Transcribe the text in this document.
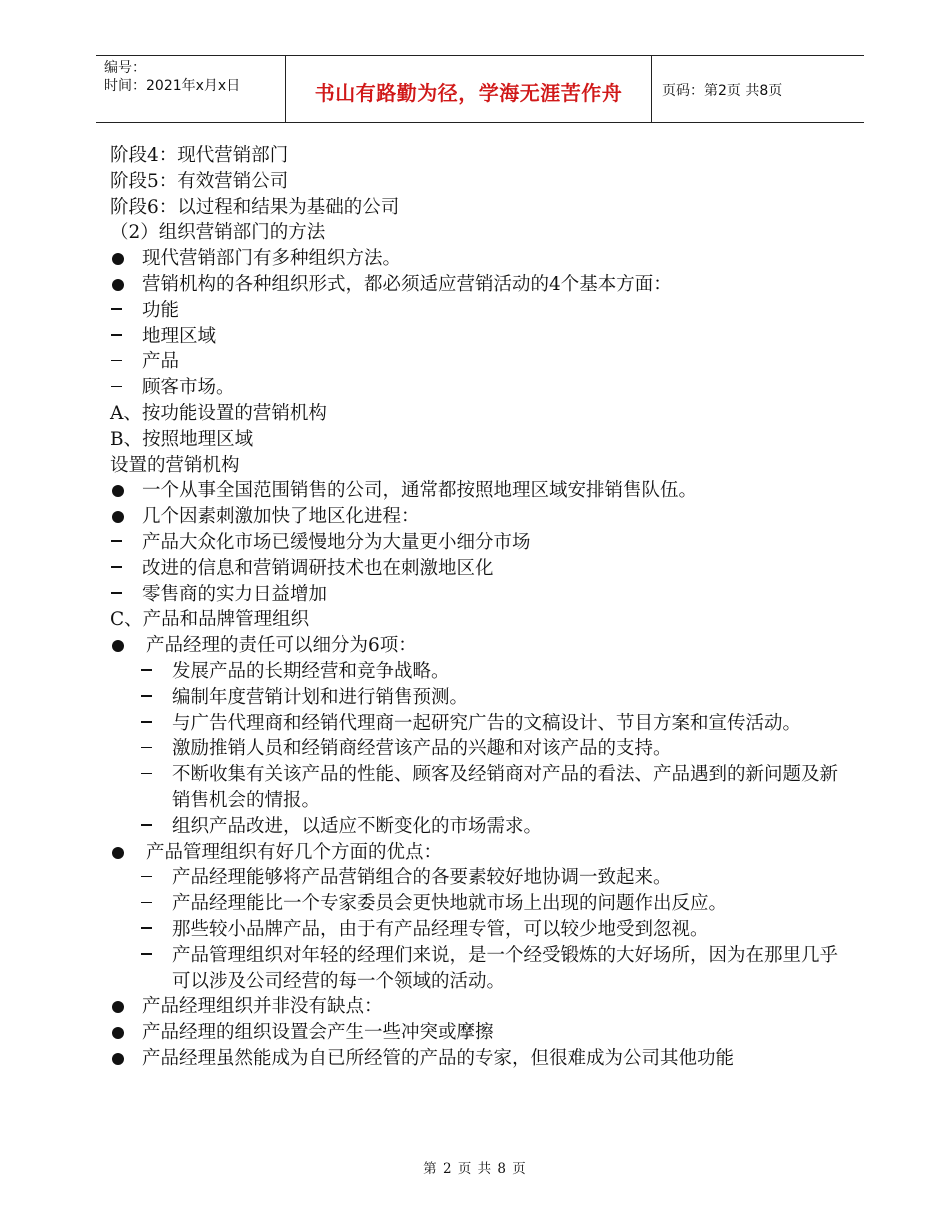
编号：
时间：2021年x月x日	书山有路勤为径，学海无涯苦作舟	页码：第2页 共8页

阶段4：现代营销部门

阶段5：有效营销公司

阶段6：以过程和结果为基础的公司

（2）组织营销部门的方法

现代营销部门有多种组织方法。
营销机构的各种组织形式，都必须适应营销活动的4个基本方面：
功能
地理区域
产品
顾客市场。

A、按功能设置的营销机构

B、按照地理区域

设置的营销机构

一个从事全国范围销售的公司，通常都按照地理区域安排销售队伍。
几个因素刺激加快了地区化进程：
产品大众化市场已缓慢地分为大量更小细分市场
改进的信息和营销调研技术也在刺激地区化
零售商的实力日益增加

C、产品和品牌管理组织

产品经理的责任可以细分为6项：
发展产品的长期经营和竞争战略。
编制年度营销计划和进行销售预测。
与广告代理商和经销代理商一起研究广告的文稿设计、节目方案和宣传活动。
激励推销人员和经销商经营该产品的兴趣和对该产品的支持。
不断收集有关该产品的性能、顾客及经销商对产品的看法、产品遇到的新问题及新销售机会的情报。
组织产品改进，以适应不断变化的市场需求。
产品管理组织有好几个方面的优点：
产品经理能够将产品营销组合的各要素较好地协调一致起来。
产品经理能比一个专家委员会更快地就市场上出现的问题作出反应。
那些较小品牌产品，由于有产品经理专管，可以较少地受到忽视。
产品管理组织对年轻的经理们来说，是一个经受锻炼的大好场所，因为在那里几乎可以涉及公司经营的每一个领域的活动。
产品经理组织并非没有缺点：
产品经理的组织设置会产生一些冲突或摩擦
产品经理虽然能成为自已所经管的产品的专家，但很难成为公司其他功能
第 2 页 共 8 页
